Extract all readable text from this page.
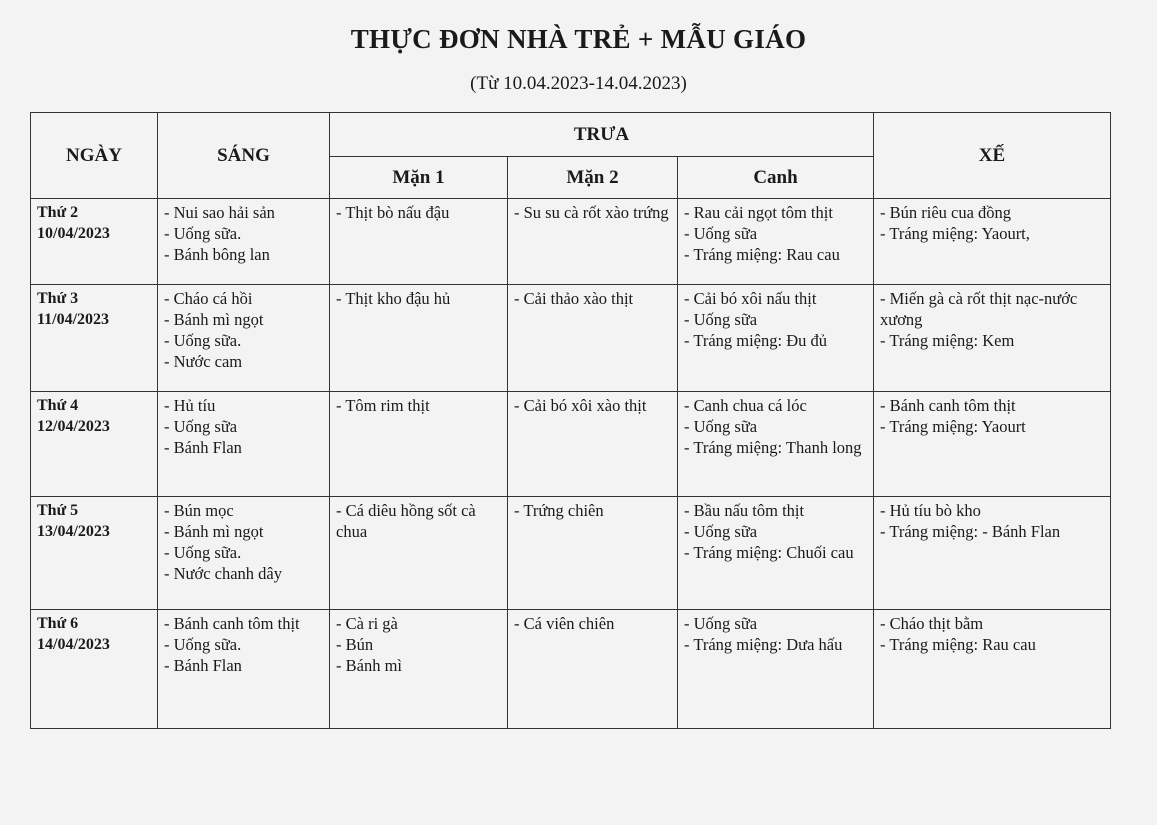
THỰC ĐƠN NHÀ TRẺ + MẪU GIÁO
(Từ 10.04.2023-14.04.2023)
NGÀY	SÁNG	TRƯA			XẾ
		Mặn 1	Mặn 2	Canh	

Thứ 2
10/04/2023	- Nui sao hải sản
- Uống sữa.
- Bánh bông lan	- Thịt bò nấu đậu	- Su su cà rốt xào trứng	- Rau cải ngọt tôm thịt
- Uống sữa
- Tráng miệng: Rau cau	- Bún riêu cua đồng
- Tráng miệng: Yaourt,

Thứ 3
11/04/2023	- Cháo cá hồi
- Bánh mì ngọt
- Uống sữa.
- Nước cam	- Thịt kho đậu hủ	- Cải thảo xào thịt	- Cải bó xôi nấu thịt
- Uống sữa
- Tráng miệng: Đu đủ	- Miến gà cà rốt thịt nạc-nước xương
- Tráng miệng: Kem

Thứ 4
12/04/2023	- Hủ tíu
- Uống sữa
- Bánh Flan	- Tôm rim thịt	- Cải bó xôi xào thịt	- Canh chua cá lóc
- Uống sữa
- Tráng miệng: Thanh long	- Bánh canh tôm thịt
- Tráng miệng: Yaourt

Thứ 5
13/04/2023	- Bún mọc
- Bánh mì ngọt
- Uống sữa.
- Nước chanh dây	- Cá diêu hồng sốt cà chua	- Trứng chiên	- Bầu nấu tôm thịt
- Uống sữa
- Tráng miệng: Chuối cau	- Hủ tíu bò kho
- Tráng miệng: - Bánh Flan

Thứ 6
14/04/2023	- Bánh canh tôm thịt
- Uống sữa.
- Bánh Flan	- Cà ri gà
- Bún
- Bánh mì	- Cá viên chiên	- Uống sữa
- Tráng miệng: Dưa hấu	- Cháo thịt bằm
- Tráng miệng: Rau cau
